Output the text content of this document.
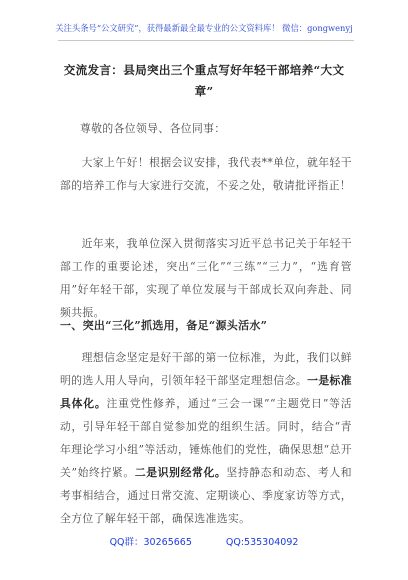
关注头条号“公文研究”，获得最新最全最专业的公文资料库！ 微信：gongwenyj
交流发言：县局突出三个重点写好年轻干部培养“大文章”
尊敬的各位领导、各位同事：
大家上午好！根据会议安排，我代表**单位，就年轻干部的培养工作与大家进行交流，不妥之处，敬请批评指正！
近年来，我单位深入贯彻落实习近平总书记关于年轻干部工作的重要论述，突出“三化”“三练”“三力”，“选育管用”好年轻干部，实现了单位发展与干部成长双向奔赴、同频共振。
一、突出“三化”抓选用，备足“源头活水”
理想信念坚定是好干部的第一位标准，为此，我们以鲜明的选人用人导向，引领年轻干部坚定理想信念。一是标准具体化。注重党性修养，通过“三会一课”“主题党日”等活动，引导年轻干部自觉参加党的组织生活。同时，结合“青年理论学习小组”等活动，锤炼他们的党性，确保思想“总开关”始终拧紧。二是识别经常化。坚持静态和动态、考人和考事相结合，通过日常交流、定期谈心、季度家访等方式，全方位了解年轻干部，确保选准选实。
QQ群：30265665	QQ:535304092
